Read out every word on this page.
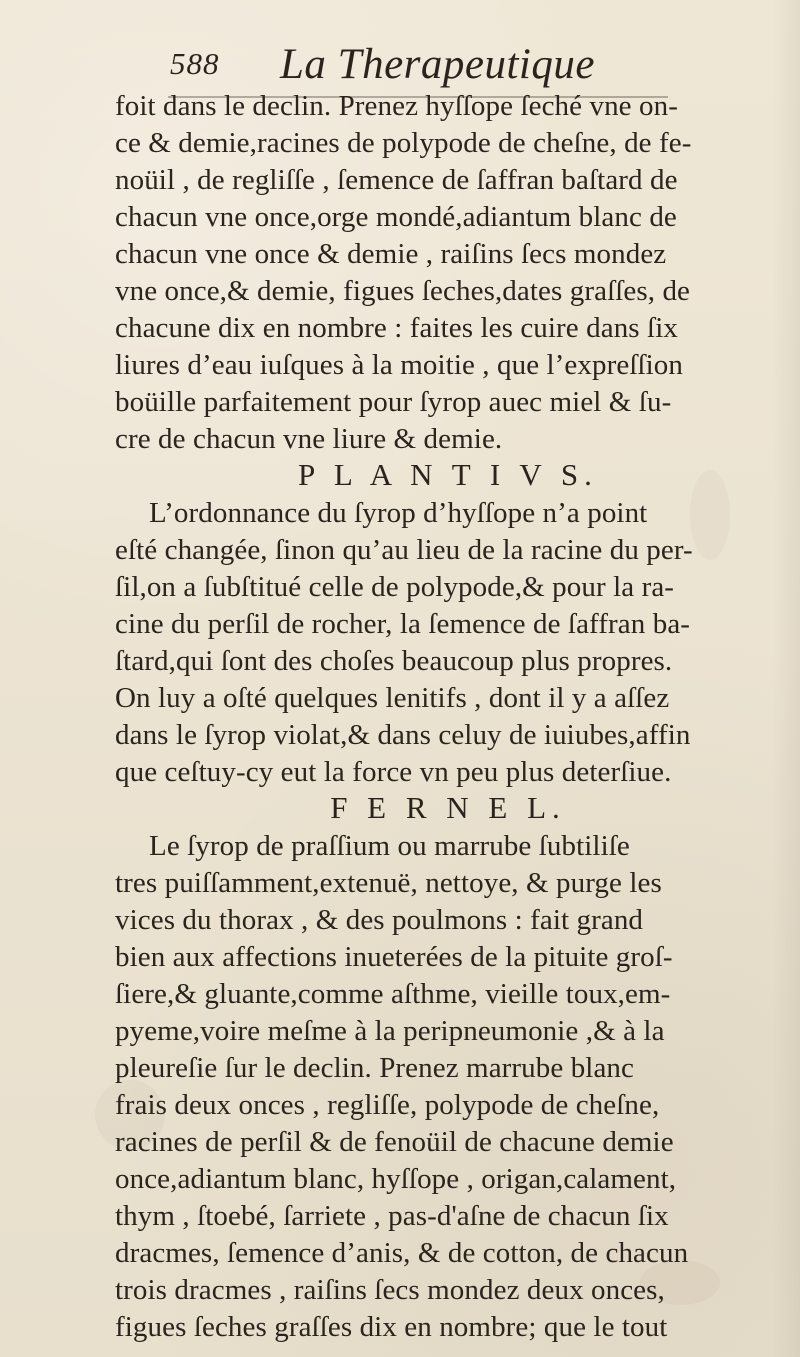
588 La Therapeutique
foit dans le declin. Prenez hyſſope ſeché vne on-
ce & demie,racines de polypode de cheſne, de fe-
noüil , de regliſſe , ſemence de ſaffran baſtard de
chacun vne once,orge mondé,adiantum blanc de
chacun vne once & demie , raiſins ſecs mondez
vne once,& demie, figues ſeches,dates graſſes, de
chacune dix en nombre : faites les cuire dans ſix
liures d’eau iuſques à la moitie , que l’expreſſion
boüille parfaitement pour ſyrop auec miel & ſu-
cre de chacun vne liure & demie.
P L A N T I V S.
L’ordonnance du ſyrop d’hyſſope n’a point
eſté changée, ſinon qu’au lieu de la racine du per-
ſil,on a ſubſtitué celle de polypode,& pour la ra-
cine du perſil de rocher, la ſemence de ſaffran ba-
ſtard,qui ſont des choſes beaucoup plus propres.
On luy a oſté quelques lenitifs , dont il y a aſſez
dans le ſyrop violat,& dans celuy de iuiubes,affin
que ceſtuy-cy eut la force vn peu plus deterſiue.
F E R N E L.
Le ſyrop de praſſium ou marrube ſubtiliſe
tres puiſſamment,extenuë, nettoye, & purge les
vices du thorax , & des poulmons : fait grand
bien aux affections inueterées de la pituite groſ-
ſiere,& gluante,comme aſthme, vieille toux,em-
pyeme,voire meſme à la peripneumonie ,& à la
pleureſie ſur le declin. Prenez marrube blanc
frais deux onces , regliſſe, polypode de cheſne,
racines de perſil & de fenoüil de chacune demie
once,adiantum blanc, hyſſope , origan,calament,
thym , ſtoebé, ſarriete , pas-d'aſne de chacun ſix
dracmes, ſemence d’anis, & de cotton, de chacun
trois dracmes , raiſins ſecs mondez deux onces,
figues ſeches graſſes dix en nombre; que le tout
